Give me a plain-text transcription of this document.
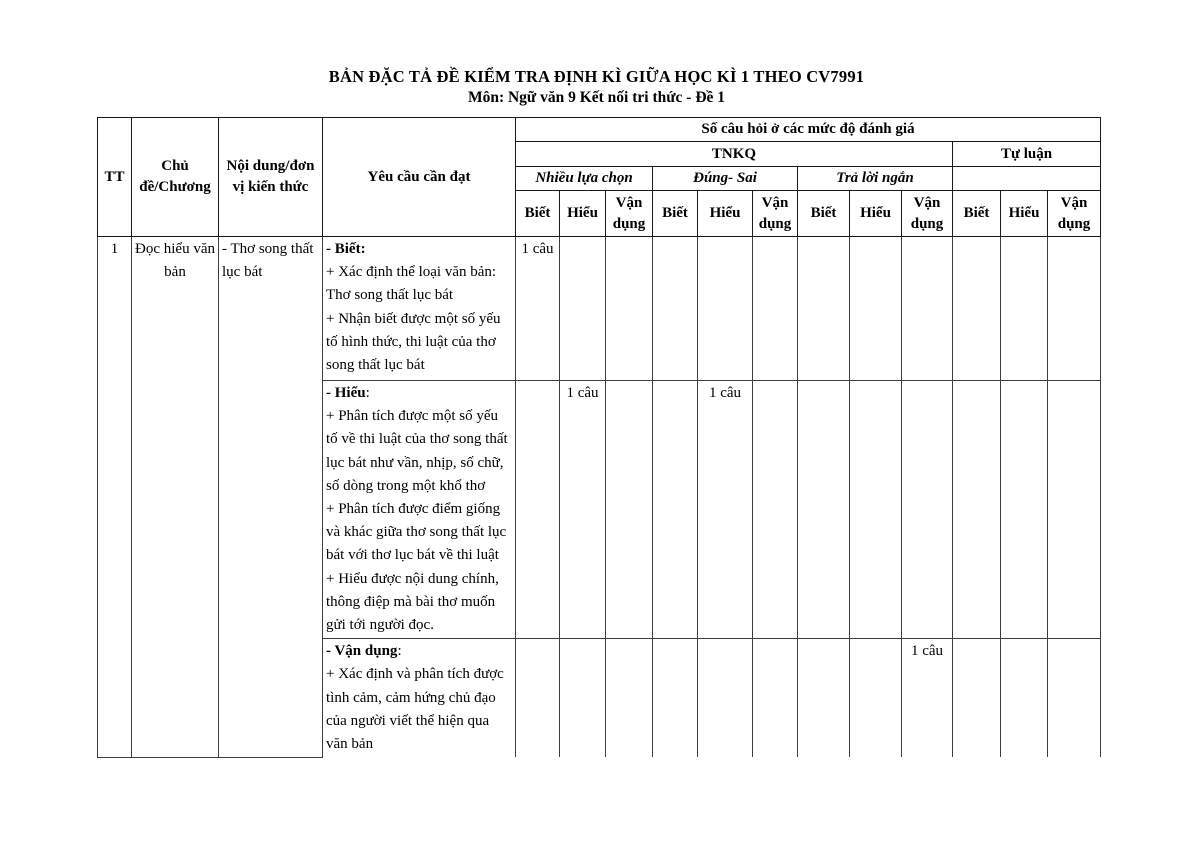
BẢN ĐẶC TẢ ĐỀ KIỂM TRA ĐỊNH KÌ GIỮA HỌC KÌ 1 THEO CV7991
Môn: Ngữ văn 9 Kết nối tri thức - Đề 1
TT	Chủ đề/Chương	Nội dung/đơn vị kiến thức	Yêu cầu cần đạt	Số câu hỏi ở các mức độ đánh giá											
				TNKQ									Tự luận		
				Nhiều lựa chọn			Đúng- Sai			Trả lời ngắn					
				Biết	Hiểu	Vận dụng	Biết	Hiểu	Vận dụng	Biết	Hiểu	Vận dụng	Biết	Hiểu	Vận dụng
1	Đọc hiểu văn bản	- Thơ song thất lục bát	- Biết:
+ Xác định thể loại văn bản: Thơ song thất lục bát
+ Nhận biết được một số yếu tố hình thức, thi luật của thơ song thất lục bát	1 câu											

			- Hiểu:
+ Phân tích được một số yếu tố về thi luật của thơ song thất lục bát như vần, nhịp, số chữ, số dòng trong một khổ thơ
+ Phân tích được điểm giống và khác giữa thơ song thất lục bát với thơ lục bát về thi luật
+ Hiểu được nội dung chính, thông điệp mà bài thơ muốn gửi tới người đọc.		1 câu			1 câu							

			- Vận dụng:
+ Xác định và phân tích được tình cảm, cảm hứng chủ đạo của người viết thể hiện qua văn bản									1 câu			
